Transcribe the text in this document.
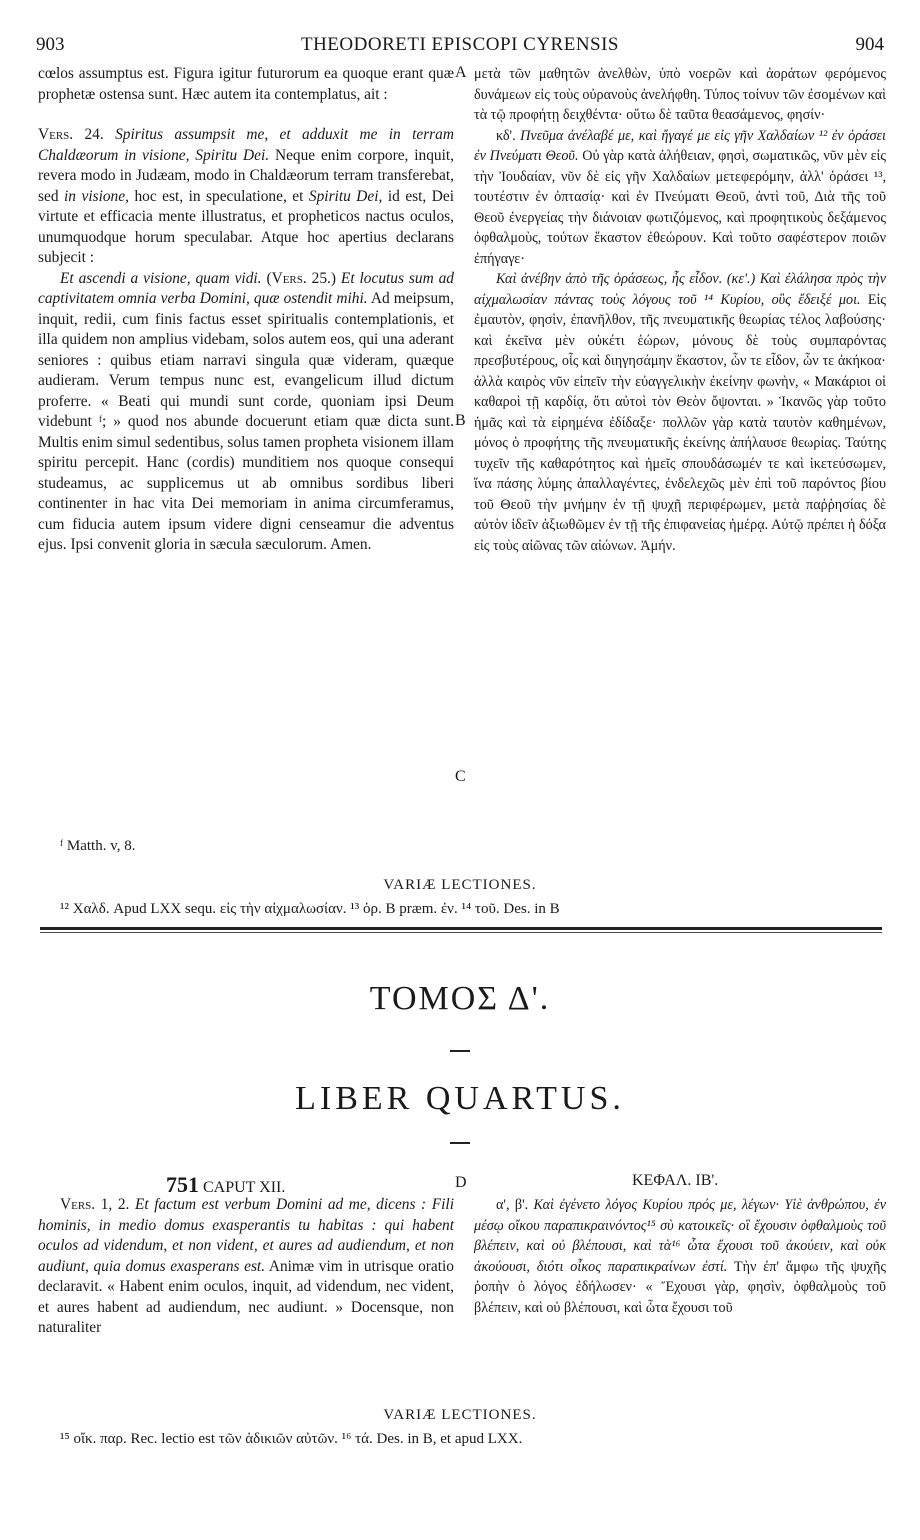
903	THEODORETI EPISCOPI CYRENSIS	904

cœlos assumptus est. Figura igitur futurorum ea quoque erant quæ prophetæ ostensa sunt. Hæc autem ita contemplatus, ait :

Vers. 24. Spiritus assumpsit me, et adduxit me in terram Chaldæorum in visione, Spiritu Dei. Neque enim corpore, inquit, revera modo in Judæam, modo in Chaldæorum terram transferebat, sed in visione, hoc est, in speculatione, et Spiritu Dei, id est, Dei virtute et efficacia mente illustratus, et propheticos nactus oculos, unumquodque horum speculabar. Atque hoc apertius declarans subjecit :

Et ascendi a visione, quam vidi. (Vers. 25.) Et locutus sum ad captivitatem omnia verba Domini, quæ ostendit mihi. Ad meipsum, inquit, redii, cum finis factus esset spiritualis contemplationis, et illa quidem non amplius videbam, solos autem eos, qui una aderant seniores : quibus etiam narravi singula quæ videram, quæque audieram. Verum tempus nunc est, evangelicum illud dictum proferre. « Beati qui mundi sunt corde, quoniam ipsi Deum videbunt ᶠ; » quod nos abunde docuerunt etiam quæ dicta sunt. Multis enim simul sedentibus, solus tamen propheta visionem illam spiritu percepit. Hanc (cordis) munditiem nos quoque consequi studeamus, ac supplicemus ut ab omnibus sordibus liberi continenter in hac vita Dei memoriam in anima circumferamus, cum fiducia autem ipsum videre digni censeamur die adventus ejus. Ipsi convenit gloria in sæcula sæculorum. Amen.

μετὰ τῶν μαθητῶν ἀνελθὼν, ὑπὸ νοερῶν καὶ ἀοράτων φερόμενος δυνάμεων εἰς τοὺς οὐρανοὺς ἀνελήφθη. Τύπος τοίνυν τῶν ἐσομένων καὶ τὰ τῷ προφήτῃ δειχθέντα· οὕτω δὲ ταῦτα θεασάμενος, φησίν·

κδ'. Πνεῦμα ἀνέλαβέ με, καὶ ἤγαγέ με εἰς γῆν Χαλδαίων ¹² ἐν ὁράσει ἐν Πνεύματι Θεοῦ. Οὐ γὰρ κατὰ ἀλήθειαν, φησὶ, σωματικῶς, νῦν μὲν εἰς τὴν Ἰουδαίαν, νῦν δὲ εἰς γῆν Χαλδαίων μετεφερόμην, ἀλλ' ὁράσει ¹³, τουτέστιν ἐν ὀπτασίᾳ· καὶ ἐν Πνεύματι Θεοῦ, ἀντὶ τοῦ, Διὰ τῆς τοῦ Θεοῦ ἐνεργείας τὴν διάνοιαν φωτιζόμενος, καὶ προφητικοὺς δεξάμενος ὀφθαλμοὺς, τούτων ἕκαστον ἐθεώρουν. Καὶ τοῦτο σαφέστερον ποιῶν ἐπήγαγε·

Καὶ ἀνέβην ἀπὸ τῆς ὁράσεως, ἧς εἶδον. (κε'.) Καὶ ἐλάλησα πρὸς τὴν αἰχμαλωσίαν πάντας τοὺς λόγους τοῦ ¹⁴ Κυρίου, οὓς ἔδειξέ μοι. Εἰς ἐμαυτὸν, φησὶν, ἐπανῆλθον, τῆς πνευματικῆς θεωρίας τέλος λαβούσης· καὶ ἐκεῖνα μὲν οὐκέτι ἑώρων, μόνους δὲ τοὺς συμπαρόντας πρεσβυτέρους, οἷς καὶ διηγησάμην ἕκαστον, ὧν τε εἶδον, ὧν τε ἀκήκοα· ἀλλὰ καιρὸς νῦν εἰπεῖν τὴν εὐαγγελικὴν ἐκείνην φωνὴν, « Μακάριοι οἱ καθαροὶ τῇ καρδίᾳ, ὅτι αὐτοὶ τὸν Θεὸν ὄψονται. » Ἱκανῶς γὰρ τοῦτο ἡμᾶς καὶ τὰ εἰρημένα ἐδίδαξε· πολλῶν γὰρ κατὰ ταυτὸν καθημένων, μόνος ὁ προφήτης τῆς πνευματικῆς ἐκείνης ἀπήλαυσε θεωρίας. Ταύτης τυχεῖν τῆς καθαρότητος καὶ ἡμεῖς σπουδάσωμέν τε καὶ ἱκετεύσωμεν, ἵνα πάσης λύμης ἀπαλλαγέντες, ἐνδελεχῶς μὲν ἐπὶ τοῦ παρόντος βίου τοῦ Θεοῦ τὴν μνήμην ἐν τῇ ψυχῇ περιφέρωμεν, μετὰ παῤῥησίας δὲ αὐτὸν ἰδεῖν ἀξιωθῶμεν ἐν τῇ τῆς ἐπιφανείας ἡμέρᾳ. Αὐτῷ πρέπει ἡ δόξα εἰς τοὺς αἰῶνας τῶν αἰώνων. Ἀμήν.

A
B
C
ᶠ Matth. v, 8.
VARIÆ LECTIONES.
¹² Χαλδ. Apud LXX sequ. εἰς τὴν αἰχμαλωσίαν. ¹³ ὁρ. B præm. ἐν. ¹⁴ τοῦ. Des. in B
ΤΟΜΟΣ Δ'.
LIBER QUARTUS.
751 CAPUT XII.	D	ΚΕΦΑΛ. ΙΒ'.

Vers. 1, 2. Et factum est verbum Domini ad me, dicens : Fili hominis, in medio domus exasperantis tu habitas : qui habent oculos ad videndum, et non vident, et aures ad audiendum, et non audiunt, quia domus exasperans est. Animæ vim in utrisque oratio declaravit. « Habent enim oculos, inquit, ad videndum, nec vident, et aures habent ad audiendum, nec audiunt. » Docensque, non naturaliter

α', β'. Καὶ ἐγένετο λόγος Κυρίου πρός με, λέγων· Υἱὲ ἀνθρώπου, ἐν μέσῳ οἴκου παραπικραινόντος¹⁵ σὺ κατοικεῖς· οἳ ἔχουσιν ὀφθαλμοὺς τοῦ βλέπειν, καὶ οὐ βλέπουσι, καὶ τὰ¹⁶ ὦτα ἔχουσι τοῦ ἀκούειν, καὶ οὐκ ἀκούουσι, διότι οἶκος παραπικραίνων ἐστί. Τὴν ἐπ' ἄμφω τῆς ψυχῆς ῥοπὴν ὁ λόγος ἐδήλωσεν· « Ἔχουσι γὰρ, φησὶν, ὀφθαλμοὺς τοῦ βλέπειν, καὶ οὐ βλέπουσι, καὶ ὦτα ἔχουσι τοῦ

VARIÆ LECTIONES.
¹⁵ οἴκ. παρ. Rec. lectio est τῶν ἀδικιῶν αὐτῶν. ¹⁶ τά. Des. in B, et apud LXX.
